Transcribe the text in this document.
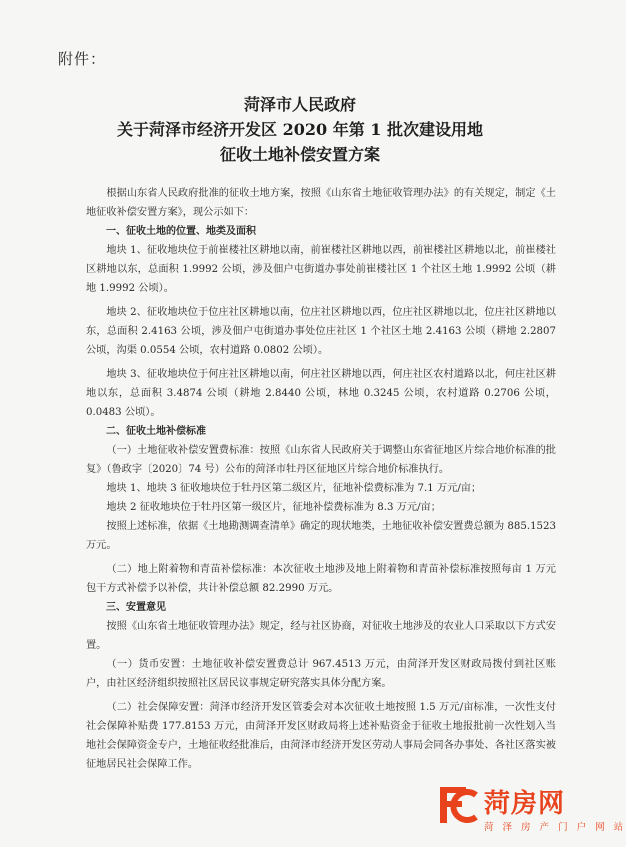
附件：
菏泽市人民政府
关于菏泽市经济开发区 2020 年第 1 批次建设用地
征收土地补偿安置方案

根据山东省人民政府批准的征收土地方案，按照《山东省土地征收管理办法》的有关规定，制定《土地征收补偿安置方案》，现公示如下：

一、征收土地的位置、地类及面积

地块 1、征收地块位于前崔楼社区耕地以南，前崔楼社区耕地以西，前崔楼社区耕地以北，前崔楼社区耕地以东，总面积 1.9992 公顷，涉及佃户屯街道办事处前崔楼社区 1 个社区土地 1.9992 公顷（耕地 1.9992 公顷）。

地块 2、征收地块位于位庄社区耕地以南，位庄社区耕地以西，位庄社区耕地以北，位庄社区耕地以东，总面积 2.4163 公顷，涉及佃户屯街道办事处位庄社区 1 个社区土地 2.4163 公顷（耕地 2.2807 公顷，沟渠 0.0554 公顷，农村道路 0.0802 公顷）。

地块 3、征收地块位于何庄社区耕地以南，何庄社区耕地以西，何庄社区农村道路以北，何庄社区耕地以东，总面积 3.4874 公顷（耕地 2.8440 公顷，林地 0.3245 公顷，农村道路 0.2706 公顷，0.0483 公顷）。

二、征收土地补偿标准

（一）土地征收补偿安置费标准：按照《山东省人民政府关于调整山东省征地区片综合地价标准的批复》（鲁政字〔2020〕74 号）公布的菏泽市牡丹区征地区片综合地价标准执行。

地块 1、地块 3 征收地块位于牡丹区第二级区片，征地补偿费标准为 7.1 万元/亩；

地块 2 征收地块位于牡丹区第一级区片，征地补偿费标准为 8.3 万元/亩；

按照上述标准，依据《土地勘测调查清单》确定的现状地类，土地征收补偿安置费总额为 885.1523 万元。

（二）地上附着物和青苗补偿标准：本次征收土地涉及地上附着物和青苗补偿标准按照每亩 1 万元包干方式补偿予以补偿，共计补偿总额 82.2990 万元。

三、安置意见

按照《山东省土地征收管理办法》规定，经与社区协商，对征收土地涉及的农业人口采取以下方式安置。

（一）货币安置：土地征收补偿安置费总计 967.4513 万元，由菏泽开发区财政局拨付到社区账户，由社区经济组织按照社区居民议事规定研究落实具体分配方案。

（二）社会保障安置：菏泽市经济开发区管委会对本次征收土地按照 1.5 万元/亩标准，一次性支付社会保障补贴费 177.8153 万元，由菏泽开发区财政局将上述补贴资金于征收土地报批前一次性划入当地社会保障资金专户，土地征收经批准后，由菏泽市经济开发区劳动人事局会同各办事处、各社区落实被征地居民社会保障工作。

菏房网
菏 泽 房 产 门 户 网 站
